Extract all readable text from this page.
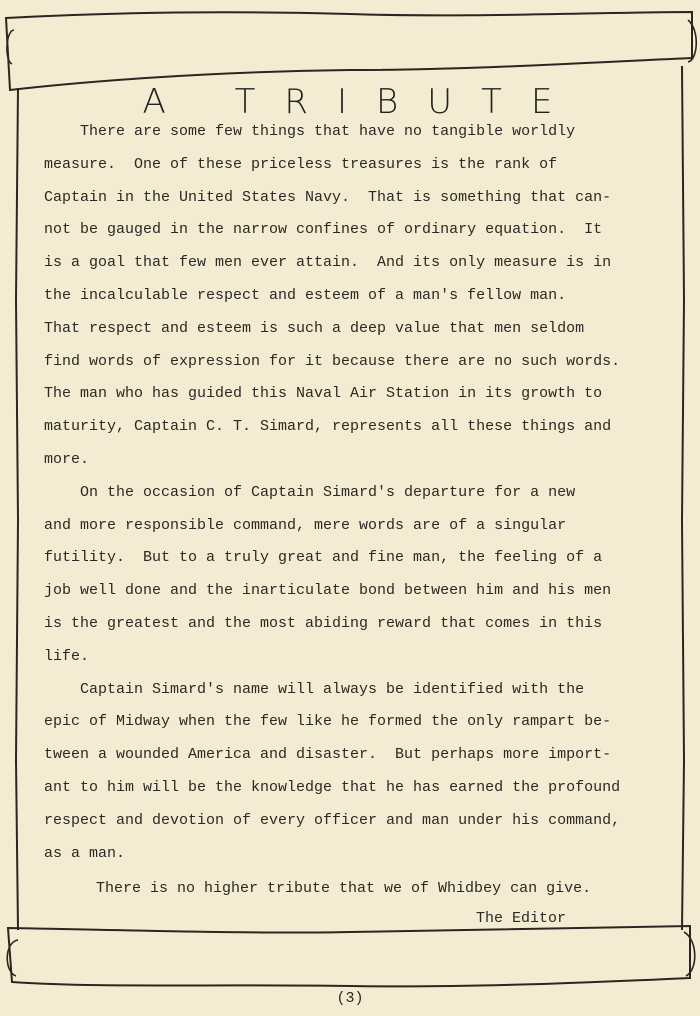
A TRIBUTE
There are some few things that have no tangible worldly
measure.  One of these priceless treasures is the rank of
Captain in the United States Navy.  That is something that can-
not be gauged in the narrow confines of ordinary equation.  It
is a goal that few men ever attain.  And its only measure is in
the incalculable respect and esteem of a man's fellow man.
That respect and esteem is such a deep value that men seldom
find words of expression for it because there are no such words.
The man who has guided this Naval Air Station in its growth to
maturity, Captain C. T. Simard, represents all these things and
more.
On the occasion of Captain Simard's departure for a new
and more responsible command, mere words are of a singular
futility.  But to a truly great and fine man, the feeling of a
job well done and the inarticulate bond between him and his men
is the greatest and the most abiding reward that comes in this
life.
Captain Simard's name will always be identified with the
epic of Midway when the few like he formed the only rampart be-
tween a wounded America and disaster.  But perhaps more import-
ant to him will be the knowledge that he has earned the profound
respect and devotion of every officer and man under his command,
as a man.
There is no higher tribute that we of Whidbey can give.
The Editor
(3)
